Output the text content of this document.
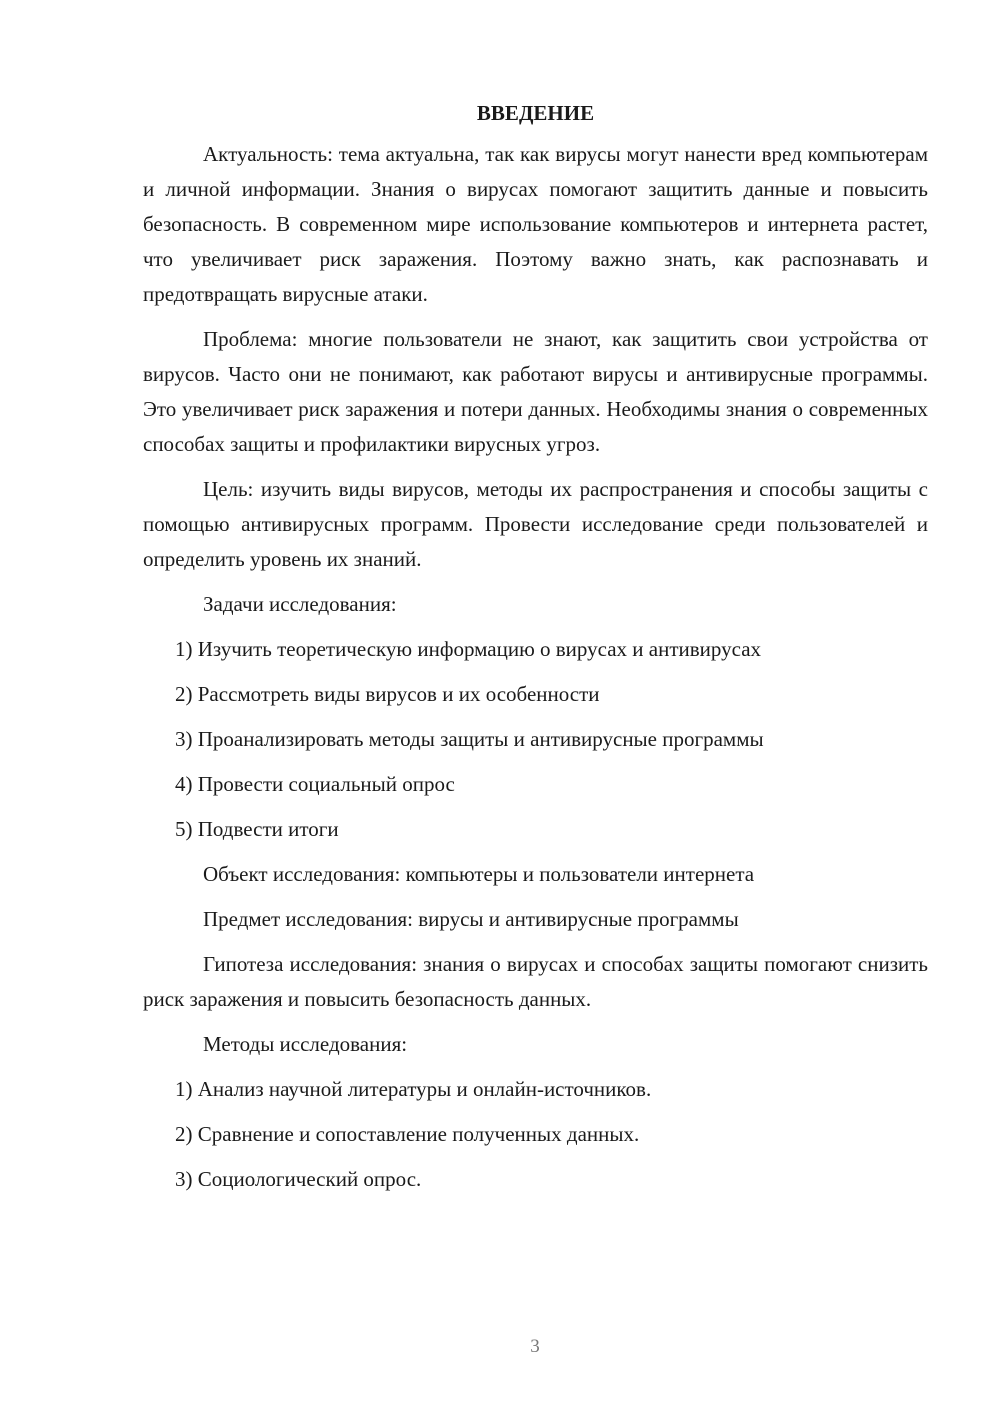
ВВЕДЕНИЕ

Актуальность: тема актуальна, так как вирусы могут нанести вред компьютерам и личной информации. Знания о вирусах помогают защитить данные и повысить безопасность. В современном мире использование компьютеров и интернета растет, что увеличивает риск заражения. Поэтому важно знать, как распознавать и предотвращать вирусные атаки.

Проблема: многие пользователи не знают, как защитить свои устройства от вирусов. Часто они не понимают, как работают вирусы и антивирусные программы. Это увеличивает риск заражения и потери данных. Необходимы знания о современных способах защиты и профилактики вирусных угроз.

Цель: изучить виды вирусов, методы их распространения и способы защиты с помощью антивирусных программ. Провести исследование среди пользователей и определить уровень их знаний.

Задачи исследования:
1) Изучить теоретическую информацию о вирусах и антивирусах
2) Рассмотреть виды вирусов и их особенности
3) Проанализировать методы защиты и антивирусные программы
4) Провести социальный опрос
5) Подвести итоги
Объект исследования: компьютеры и пользователи интернета
Предмет исследования: вирусы и антивирусные программы

Гипотеза исследования: знания о вирусах и способах защиты помогают снизить риск заражения и повысить безопасность данных.

Методы исследования:
1) Анализ научной литературы и онлайн-источников.
2) Сравнение и сопоставление полученных данных.
3) Социологический опрос.
3
